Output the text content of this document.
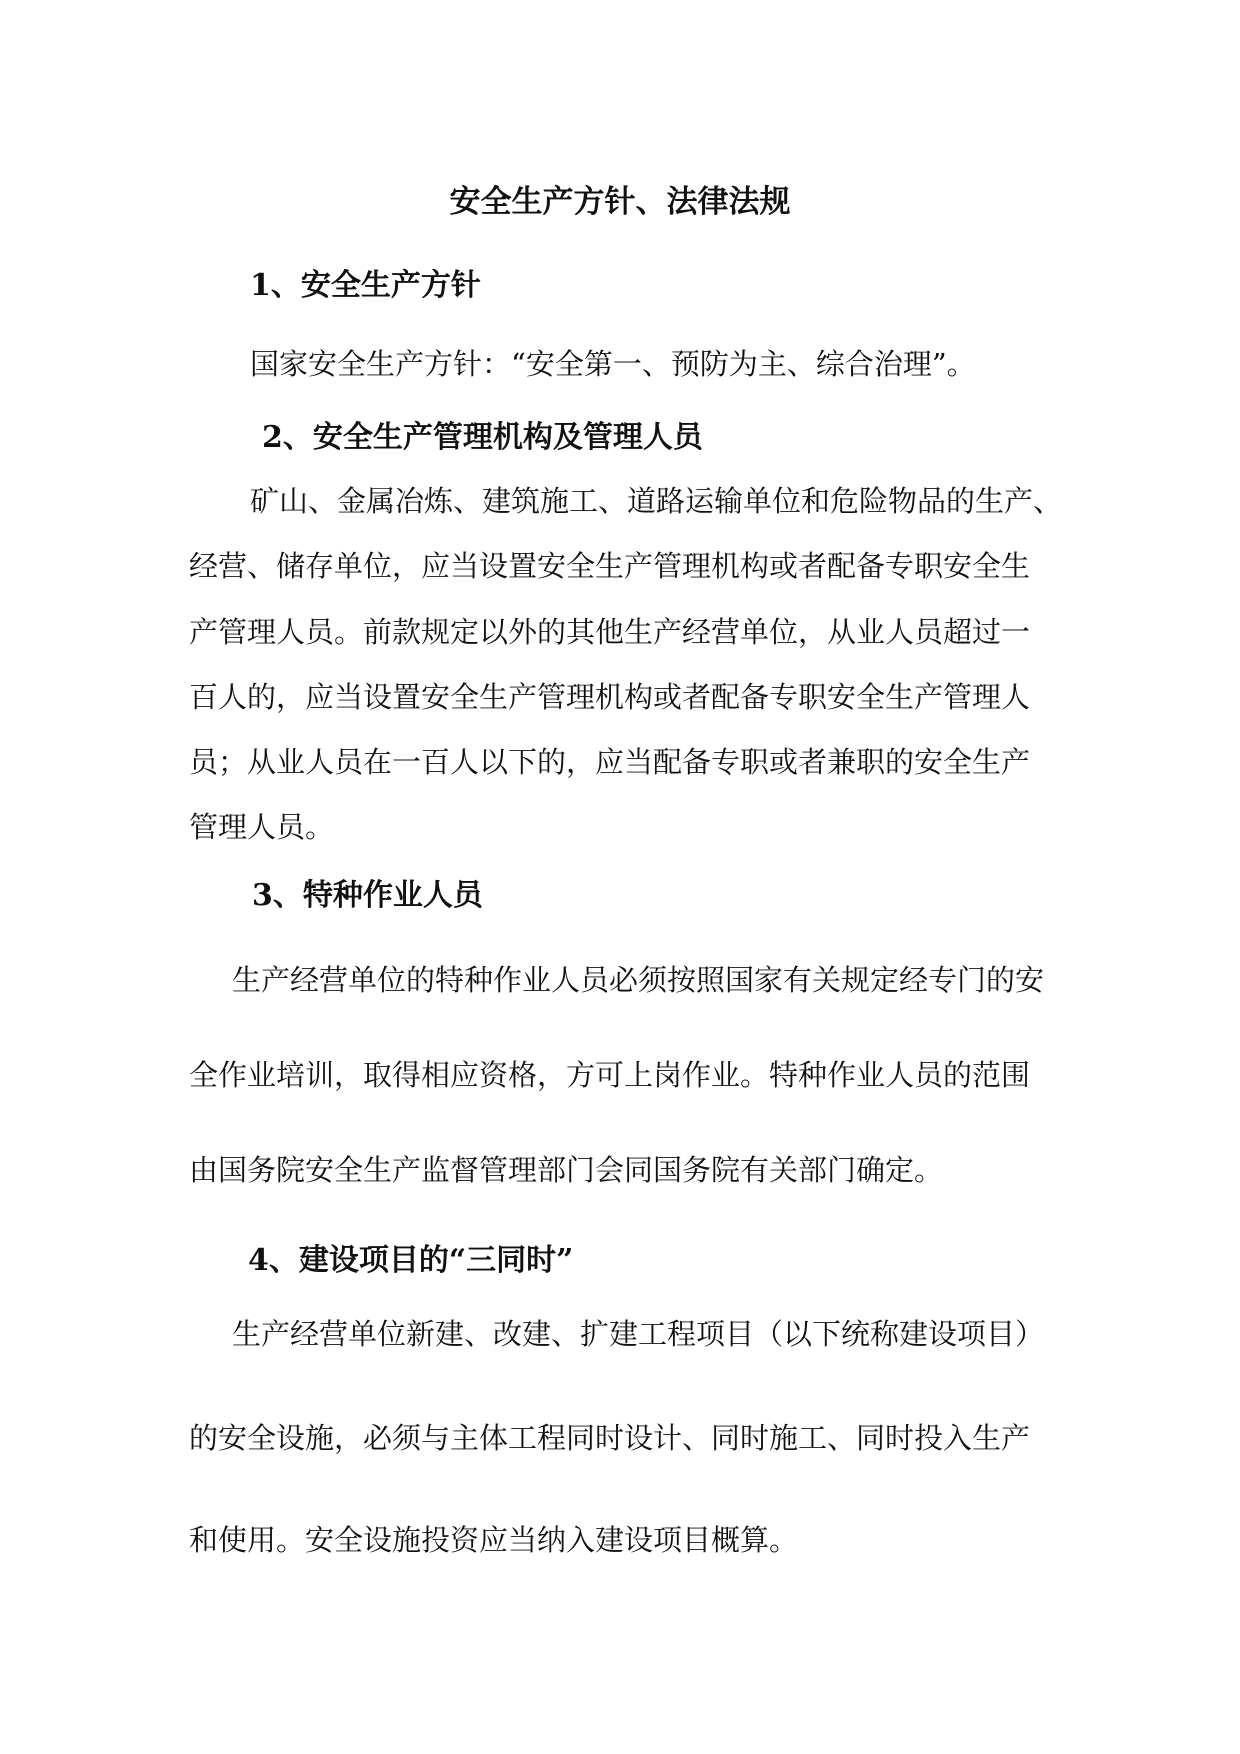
安全生产方针、法律法规
1、安全生产方针

国家安全生产方针：“安全第一、预防为主、综合治理”。

2、安全生产管理机构及管理人员

矿山、金属冶炼、建筑施工、道路运输单位和危险物品的生产、

经营、储存单位，应当设置安全生产管理机构或者配备专职安全生

产管理人员。前款规定以外的其他生产经营单位，从业人员超过一

百人的，应当设置安全生产管理机构或者配备专职安全生产管理人

员；从业人员在一百人以下的，应当配备专职或者兼职的安全生产

管理人员。

3、特种作业人员

生产经营单位的特种作业人员必须按照国家有关规定经专门的安

全作业培训，取得相应资格，方可上岗作业。特种作业人员的范围

由国务院安全生产监督管理部门会同国务院有关部门确定。

4、建设项目的“三同时”

生产经营单位新建、改建、扩建工程项目（以下统称建设项目）

的安全设施，必须与主体工程同时设计、同时施工、同时投入生产

和使用。安全设施投资应当纳入建设项目概算。
